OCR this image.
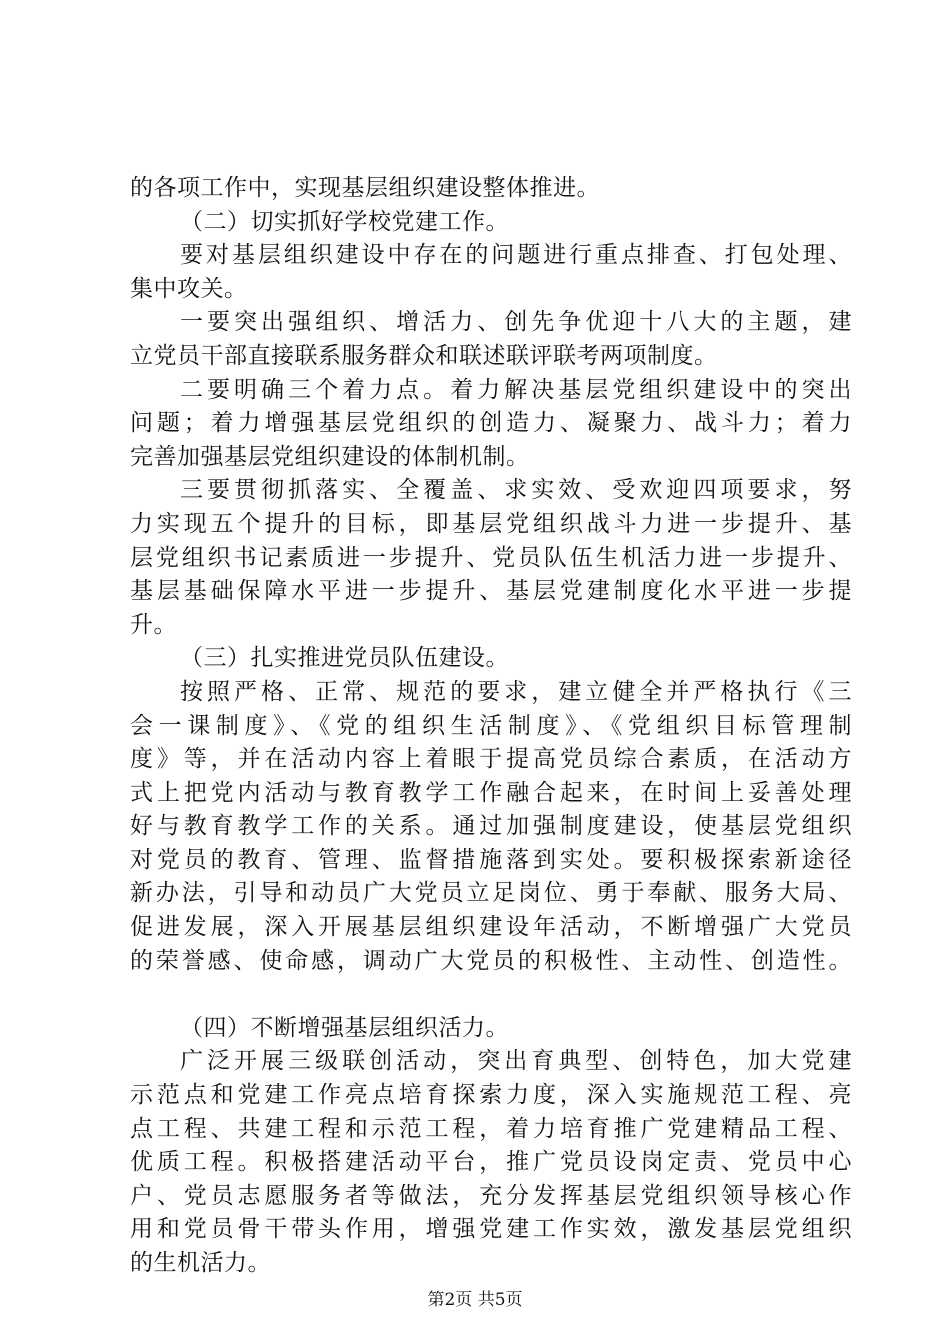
的各项工作中，实现基层组织建设整体推进。
（二）切实抓好学校党建工作。
要对基层组织建设中存在的问题进行重点排查、打包处理、
集中攻关。
一要突出强组织、增活力、创先争优迎十八大的主题，建
立党员干部直接联系服务群众和联述联评联考两项制度。
二要明确三个着力点。着力解决基层党组织建设中的突出
问题；着力增强基层党组织的创造力、凝聚力、战斗力；着力
完善加强基层党组织建设的体制机制。
三要贯彻抓落实、全覆盖、求实效、受欢迎四项要求，努
力实现五个提升的目标，即基层党组织战斗力进一步提升、基
层党组织书记素质进一步提升、党员队伍生机活力进一步提升、
基层基础保障水平进一步提升、基层党建制度化水平进一步提
升。
（三）扎实推进党员队伍建设。
按照严格、正常、规范的要求，建立健全并严格执行《三
会一课制度》、《党的组织生活制度》、《党组织目标管理制
度》等，并在活动内容上着眼于提高党员综合素质，在活动方
式上把党内活动与教育教学工作融合起来，在时间上妥善处理
好与教育教学工作的关系。通过加强制度建设，使基层党组织
对党员的教育、管理、监督措施落到实处。要积极探索新途径
新办法，引导和动员广大党员立足岗位、勇于奉献、服务大局、
促进发展，深入开展基层组织建设年活动，不断增强广大党员
的荣誉感、使命感，调动广大党员的积极性、主动性、创造性。
（四）不断增强基层组织活力。
广泛开展三级联创活动，突出育典型、创特色，加大党建
示范点和党建工作亮点培育探索力度，深入实施规范工程、亮
点工程、共建工程和示范工程，着力培育推广党建精品工程、
优质工程。积极搭建活动平台，推广党员设岗定责、党员中心
户、党员志愿服务者等做法，充分发挥基层党组织领导核心作
用和党员骨干带头作用，增强党建工作实效，激发基层党组织
的生机活力。
第2页 共5页
